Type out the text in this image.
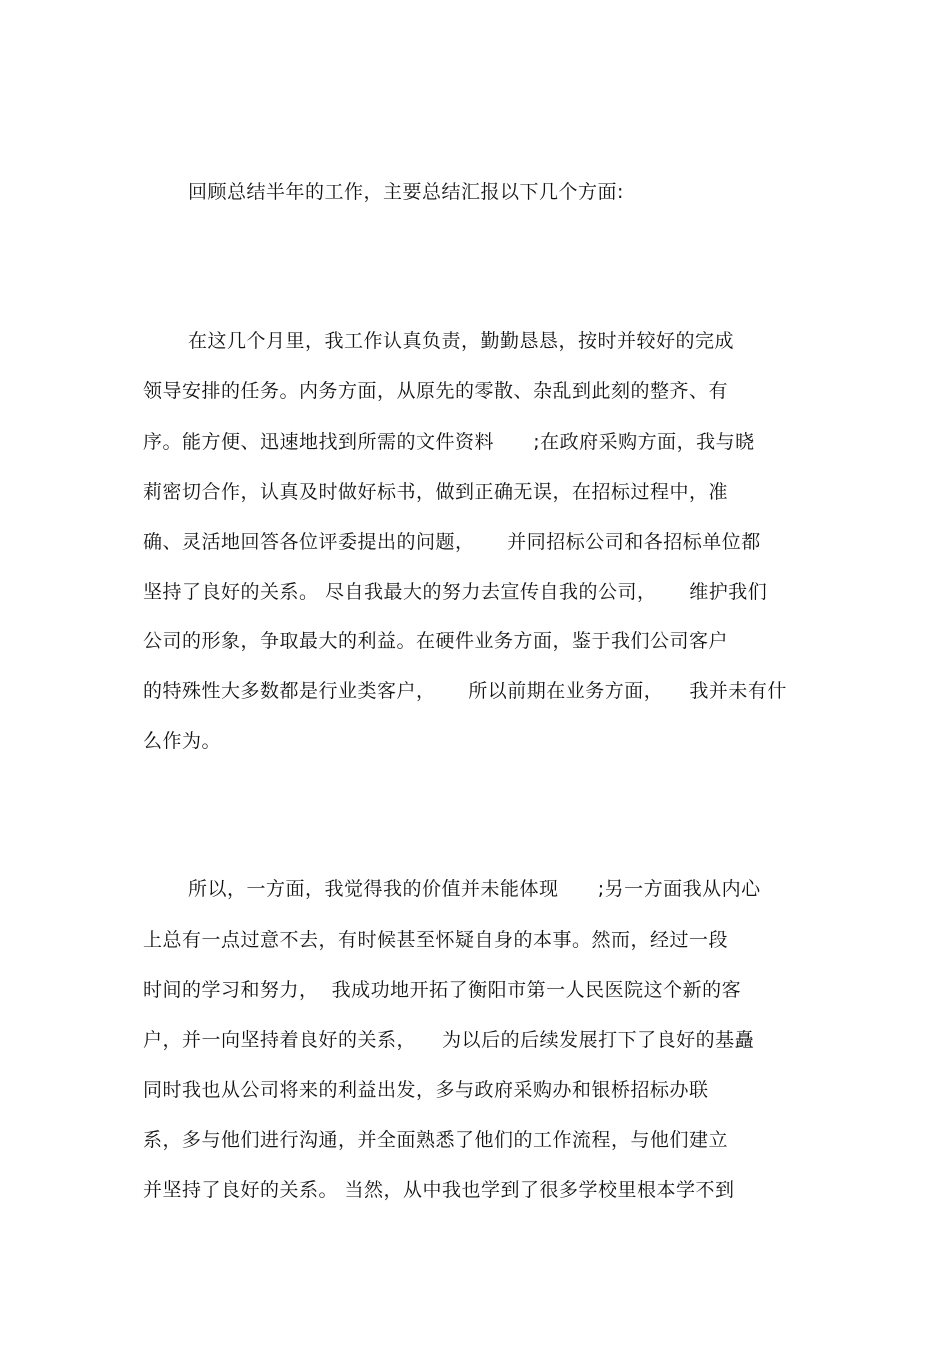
回顾总结半年的工作，主要总结汇报以下几个方面:
在这几个月里，我工作认真负责，勤勤恳恳，按时并较好的完成
领导安排的任务。内务方面，从原先的零散、杂乱到此刻的整齐、有
序。能方便、迅速地找到所需的文件资料      ;在政府采购方面，我与晓
莉密切合作，认真及时做好标书，做到正确无误，在招标过程中，准
确、灵活地回答各位评委提出的问题，     并同招标公司和各招标单位都
坚持了良好的关系。 尽自我最大的努力去宣传自我的公司，     维护我们
公司的形象，争取最大的利益。在硬件业务方面，鉴于我们公司客户
的特殊性大多数都是行业类客户，     所以前期在业务方面，    我并未有什
么作为。
所以，一方面，我觉得我的价值并未能体现      ;另一方面我从内心
上总有一点过意不去，有时候甚至怀疑自身的本事。然而，经过一段
时间的学习和努力，  我成功地开拓了衡阳市第一人民医院这个新的客
户，并一向坚持着良好的关系，    为以后的后续发展打下了良好的基矗
同时我也从公司将来的利益出发，多与政府采购办和银桥招标办联
系，多与他们进行沟通，并全面熟悉了他们的工作流程，与他们建立
并坚持了良好的关系。 当然，从中我也学到了很多学校里根本学不到
